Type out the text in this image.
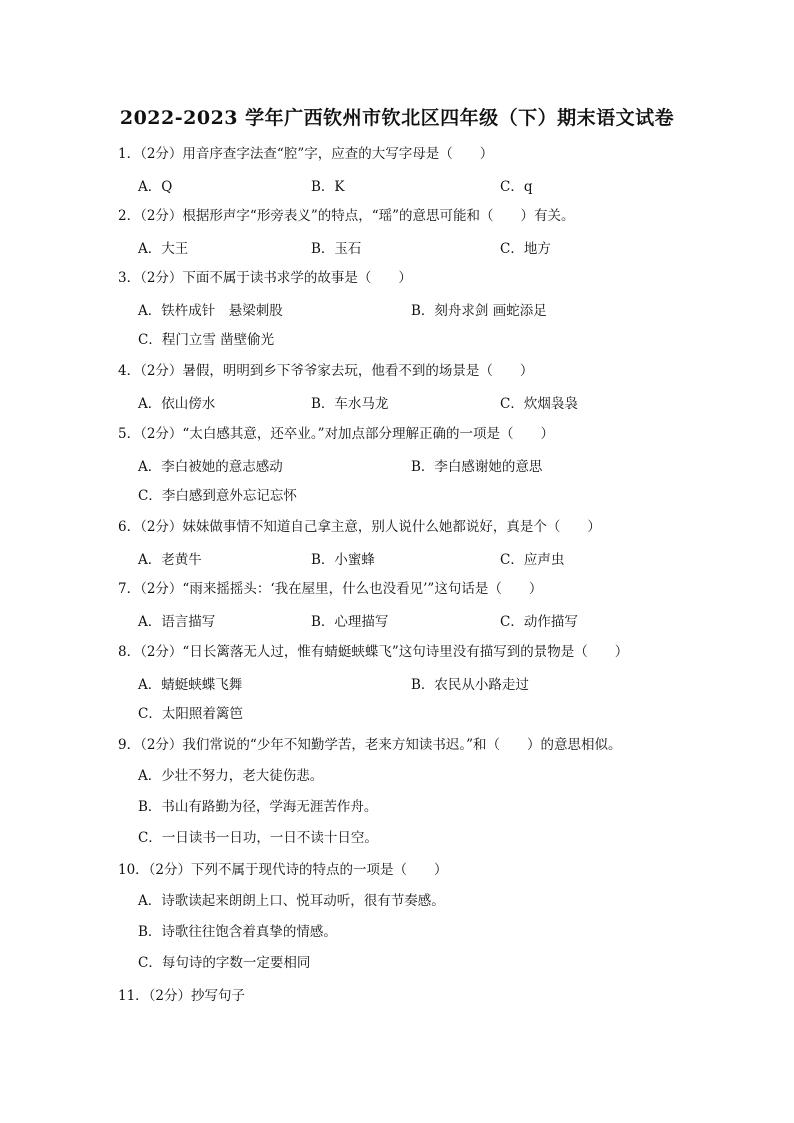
2022-2023 学年广西钦州市钦北区四年级（下）期末语文试卷
1．（2分）用音序查字法查“腔”字，应查的大写字母是（　　）
A．Q	B．K	C．q
2．（2分）根据形声字“形旁表义”的特点，“瑶”的意思可能和（　　）有关。
A．大王	B．玉石	C．地方
3．（2分）下面不属于读书求学的故事是（　　）
A．铁杵成针　悬梁刺股	B．刻舟求剑 画蛇添足
C．程门立雪 凿壁偷光
4．（2分）暑假，明明到乡下爷爷家去玩，他看不到的场景是（　　）
A．依山傍水	B．车水马龙	C．炊烟袅袅
5．（2分）“太白感其意，还卒业。”对加点部分理解正确的一项是（　　）
A．李白被她的意志感动	B．李白感谢她的意思
C．李白感到意外忘记忘怀
6．（2分）妹妹做事情不知道自己拿主意，别人说什么她都说好，真是个（　　）
A．老黄牛	B．小蜜蜂	C．应声虫
7．（2分）“雨来摇摇头：‘我在屋里，什么也没看见’”这句话是（　　）
A．语言描写	B．心理描写	C．动作描写
8．（2分）“日长篱落无人过，惟有蜻蜓蛱蝶飞”这句诗里没有描写到的景物是（　　）
A．蜻蜓蛱蝶飞舞	B．农民从小路走过
C．太阳照着篱笆
9．（2分）我们常说的“少年不知勤学苦，老来方知读书迟。”和（　　）的意思相似。
A．少壮不努力，老大徒伤悲。
B．书山有路勤为径，学海无涯苦作舟。
C．一日读书一日功，一日不读十日空。
10．（2分）下列不属于现代诗的特点的一项是（　　）
A．诗歌读起来朗朗上口、悦耳动听，很有节奏感。
B．诗歌往往饱含着真挚的情感。
C．每句诗的字数一定要相同
11．（2分）抄写句子
